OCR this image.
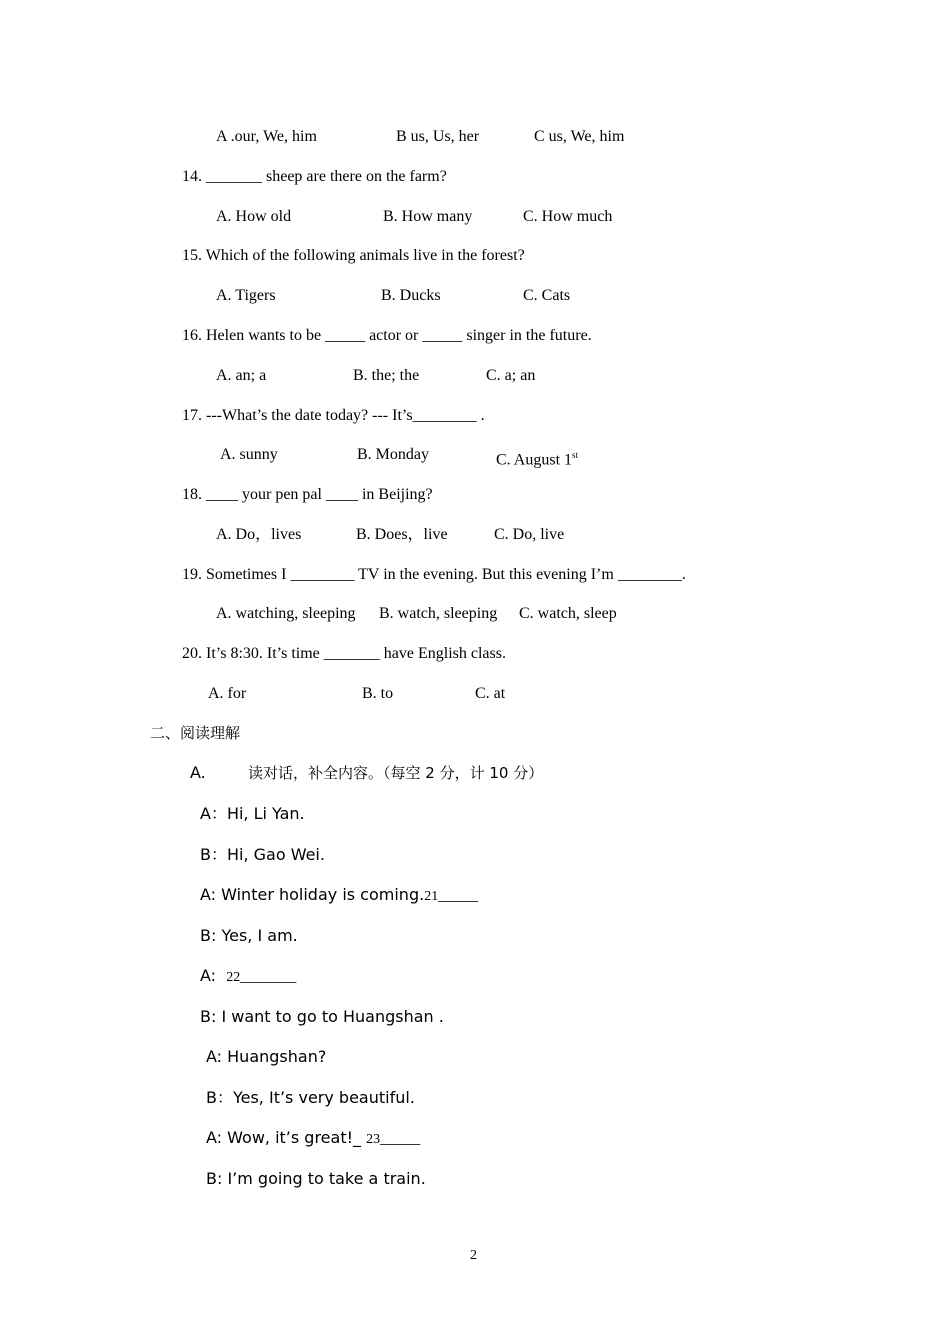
A .our, We, him	B us, Us, her	C us, We, him
14. _______ sheep are there on the farm?
A. How old	B. How many	C. How much
15. Which of the following animals live in the forest?
A. Tigers	B. Ducks	C. Cats
16. Helen wants to be _____ actor or _____ singer in the future.
A. an; a	B. the; the	C. a; an
17. ---What’s the date today? --- It’s________ .
A. sunny	B. Monday	C. August 1st
18. ____ your pen pal ____ in Beijing?
A. Do，lives	B. Does，live	C. Do, live
19. Sometimes I ________ TV in the evening. But this evening I’m ________.
A. watching, sleeping B. watch, sleeping C. watch, sleep
20. It’s 8:30. It’s time _______ have English class.
A. for	B. to	C. at
二、阅读理解
A.	读对话，补全内容。（每空 2 分，计 10 分）
A：Hi, Li Yan.
B：Hi, Gao Wei.
A: Winter holiday is coming.21_____
B: Yes, I am.
A:  22_______
B: I want to go to Huangshan .
A: Huangshan?
B：Yes, It’s very beautiful.
A: Wow, it’s great!_ 23_____
B: I’m going to take a train.
2
